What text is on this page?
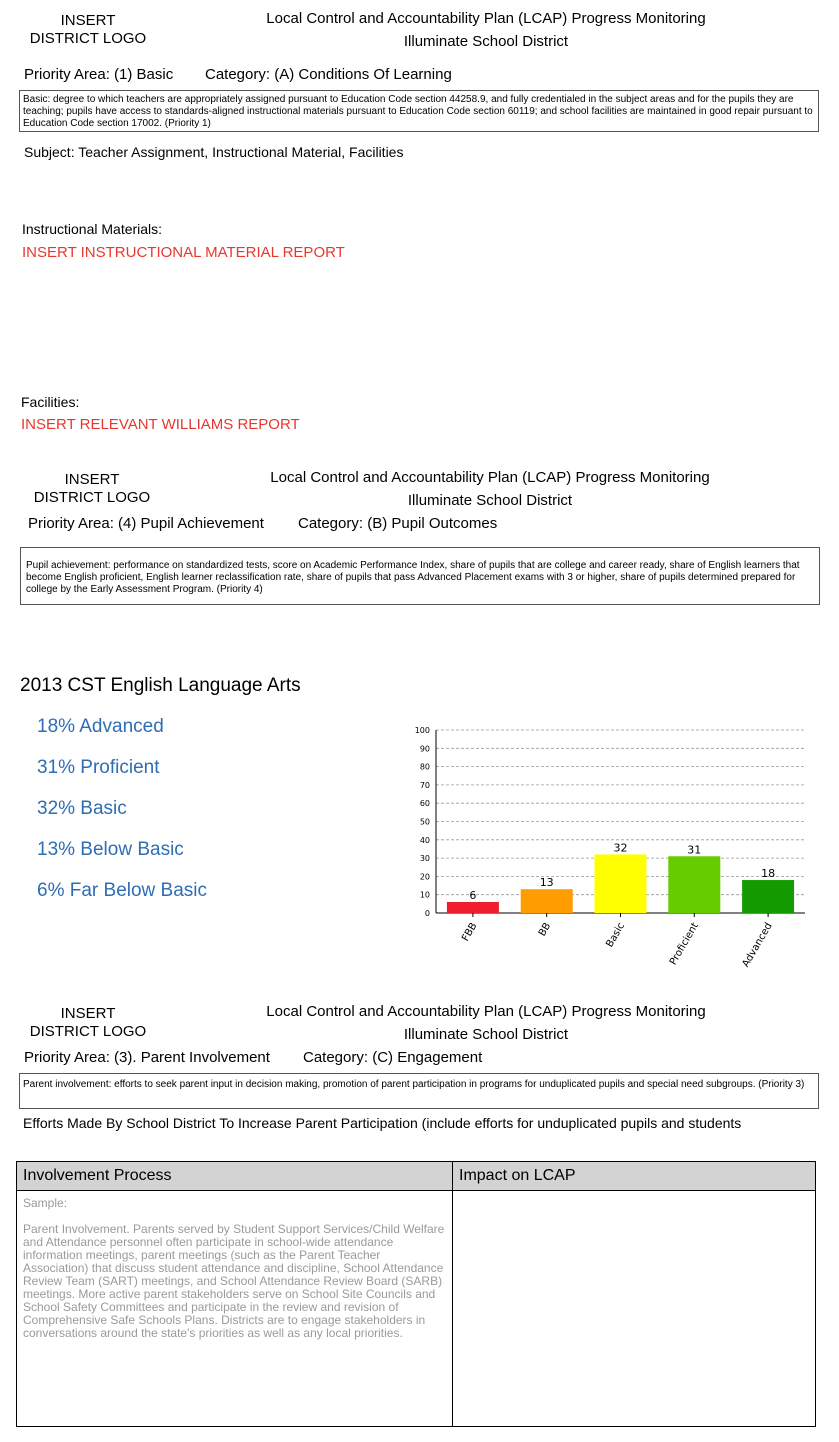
INSERT
DISTRICT LOGO
Local Control and Accountability Plan (LCAP) Progress Monitoring
Illuminate School District
Priority Area: (1) Basic Category: (A) Conditions Of Learning
Basic: degree to which teachers are appropriately assigned pursuant to Education Code section 44258.9, and fully credentialed in the subject areas and for the pupils they are teaching; pupils have access to standards-aligned instructional materials pursuant to Education Code section 60119; and school facilities are maintained in good repair pursuant to Education Code section 17002. (Priority 1)
Subject: Teacher Assignment, Instructional Material, Facilities
Instructional Materials:
INSERT INSTRUCTIONAL MATERIAL REPORT
Facilities:
INSERT RELEVANT WILLIAMS REPORT
INSERT
DISTRICT LOGO
Local Control and Accountability Plan (LCAP) Progress Monitoring
Illuminate School District
Priority Area: (4) Pupil Achievement Category: (B) Pupil Outcomes
Pupil achievement: performance on standardized tests, score on Academic Performance Index, share of pupils that are college and career ready, share of English learners that become English proficient, English learner reclassification rate, share of pupils that pass Advanced Placement exams with 3 or higher, share of pupils determined prepared for college by the Early Assessment Program. (Priority 4)
2013 CST English Language Arts
18% Advanced
31% Proficient
32% Basic
13% Below Basic
6% Far Below Basic
0
10
20
30
40
50
60
70
80
90
100
6
FBB
13
BB
32
Basic
31
Proficient
18
Advanced
INSERT
DISTRICT LOGO
Local Control and Accountability Plan (LCAP) Progress Monitoring
Illuminate School District
Priority Area: (3). Parent Involvement Category: (C) Engagement
Parent involvement: efforts to seek parent input in decision making, promotion of parent participation in programs for unduplicated pupils and special need subgroups. (Priority 3)
Efforts Made By School District To Increase Parent Participation (include efforts for unduplicated pupils and students
Involvement Process	Impact on LCAP

Sample:
Parent Involvement. Parents served by Student Support Services/Child Welfare and Attendance personnel often participate in school-wide attendance information meetings, parent meetings (such as the Parent Teacher Association) that discuss student attendance and discipline, School Attendance Review Team (SART) meetings, and School Attendance Review Board (SARB) meetings. More active parent stakeholders serve on School Site Councils and School Safety Committees and participate in the review and revision of Comprehensive Safe Schools Plans. Districts are to engage stakeholders in conversations around the state's priorities as well as any local priorities.	
